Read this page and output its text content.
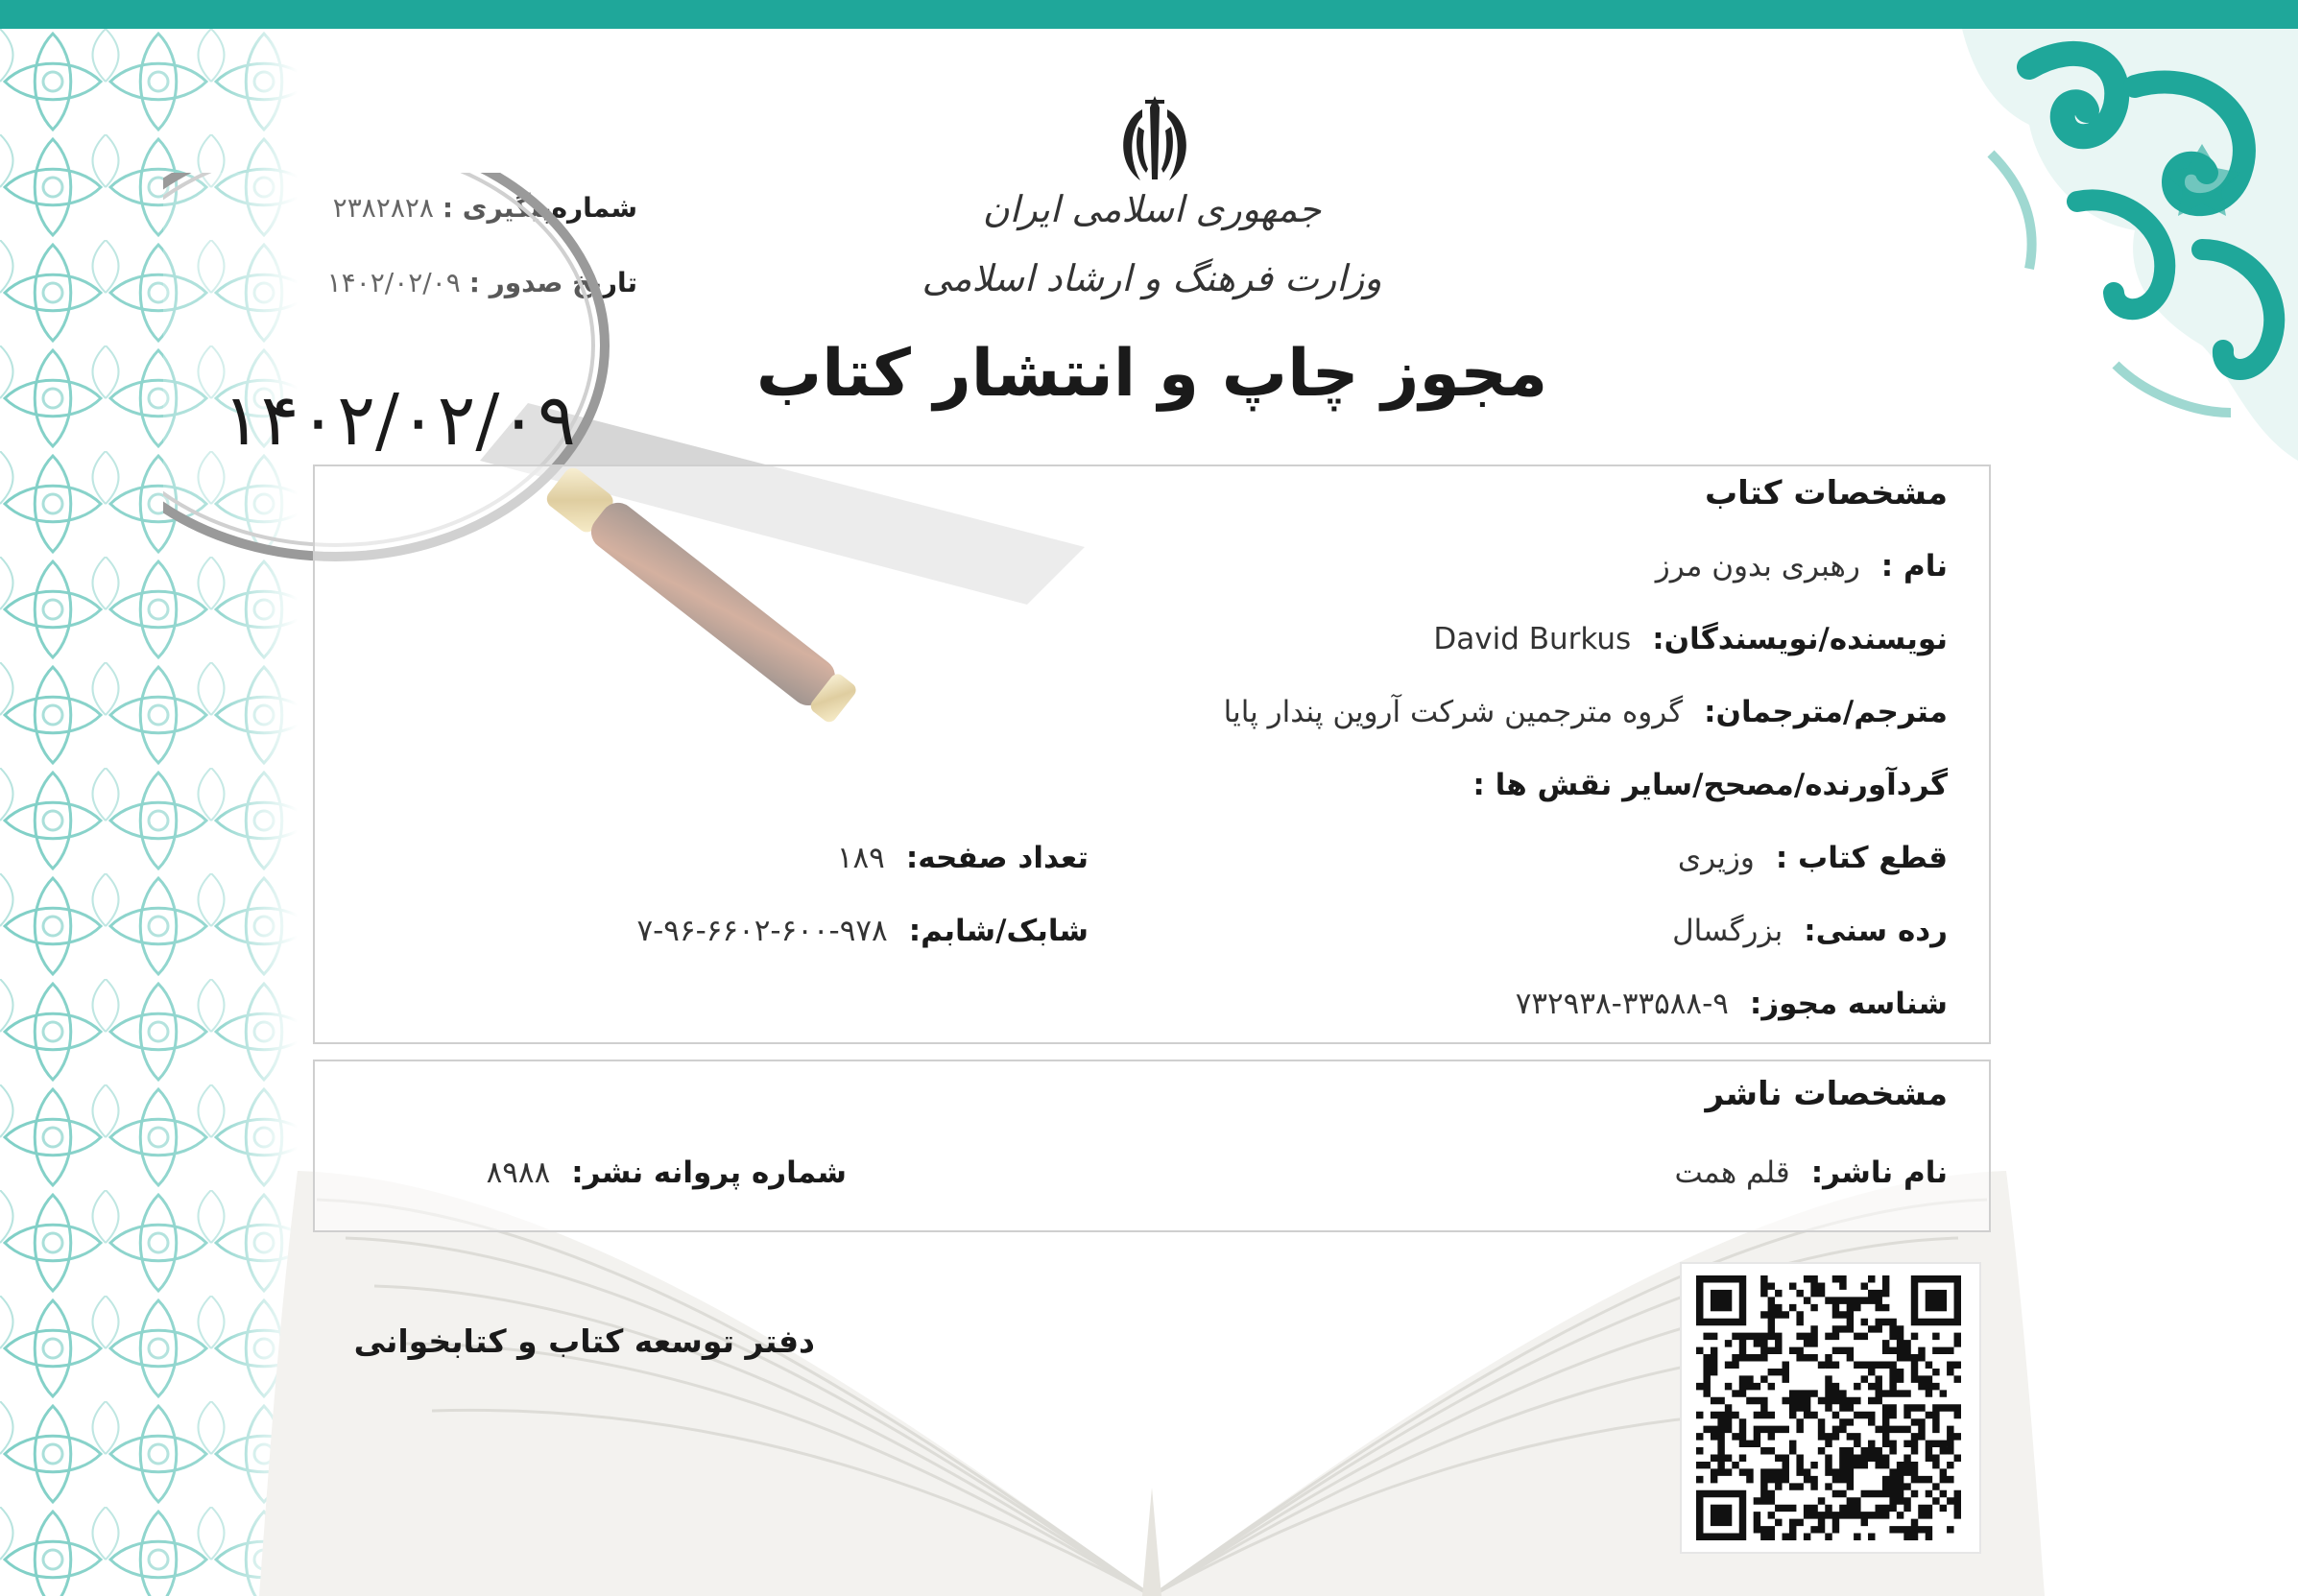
جمهوری اسلامی ایران
وزارت فرهنگ و ارشاد اسلامی
مجوز چاپ و انتشار کتاب
شماره‌پیگیری : ۲۳۸۲۸۲۸
تاریخ صدور : ۱۴۰۲/۰۲/۰۹
۱۴۰۲/۰۲/۰۹
مشخصات کتاب
نام :رهبری بدون مرز
نویسنده/نویسندگان:David Burkus
مترجم/مترجمان:گروه مترجمین شرکت آروین پندار پایا
گردآورنده/مصحح/سایر نقش ها :
قطع کتاب :وزیری
تعداد صفحه:۱۸۹
رده سنی:بزرگسال
شابک/شابم:۹۷۸-۶۰۰-۶۶۰۲-۹۶-۷
شناسه مجوز:۹-۳۳۵۸۸-۷۳۲۹۳۸
مشخصات ناشر
نام ناشر:قلم همت
شماره پروانه نشر:۸۹۸۸
دفتر توسعه کتاب و کتابخوانی
